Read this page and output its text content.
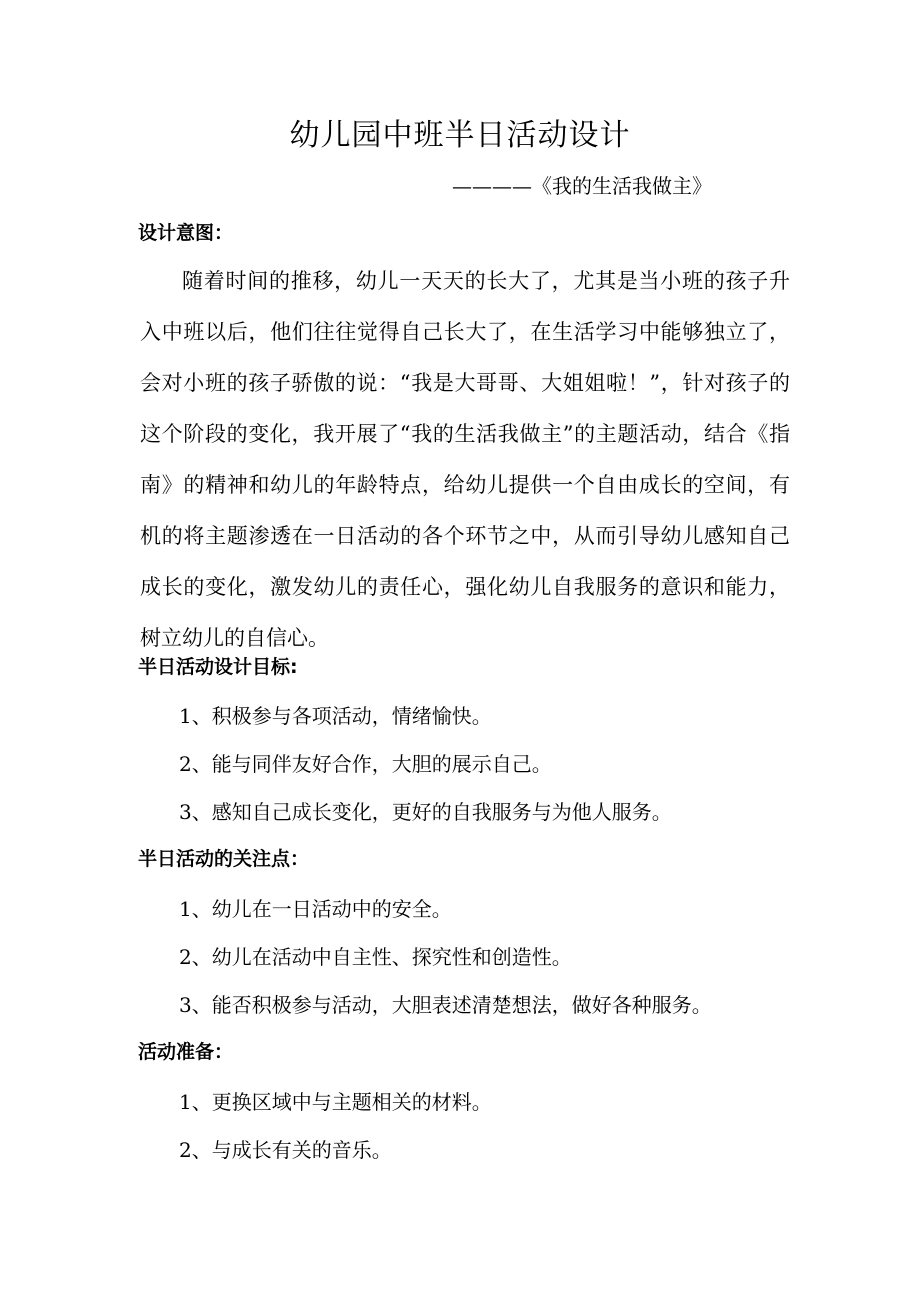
幼儿园中班半日活动设计
————《我的生活我做主》
设计意图：
随着时间的推移，幼儿一天天的长大了，尤其是当小班的孩子升入中班以后，他们往往觉得自己长大了，在生活学习中能够独立了，会对小班的孩子骄傲的说：“我是大哥哥、大姐姐啦！”，针对孩子的这个阶段的变化，我开展了“我的生活我做主”的主题活动，结合《指南》的精神和幼儿的年龄特点，给幼儿提供一个自由成长的空间，有机的将主题渗透在一日活动的各个环节之中，从而引导幼儿感知自己成长的变化，激发幼儿的责任心，强化幼儿自我服务的意识和能力，树立幼儿的自信心。
半日活动设计目标:
1、积极参与各项活动，情绪愉快。
2、能与同伴友好合作，大胆的展示自己。
3、感知自己成长变化，更好的自我服务与为他人服务。
半日活动的关注点：
1、幼儿在一日活动中的安全。
2、幼儿在活动中自主性、探究性和创造性。
3、能否积极参与活动，大胆表述清楚想法，做好各种服务。
活动准备：
1、更换区域中与主题相关的材料。
2、与成长有关的音乐。
